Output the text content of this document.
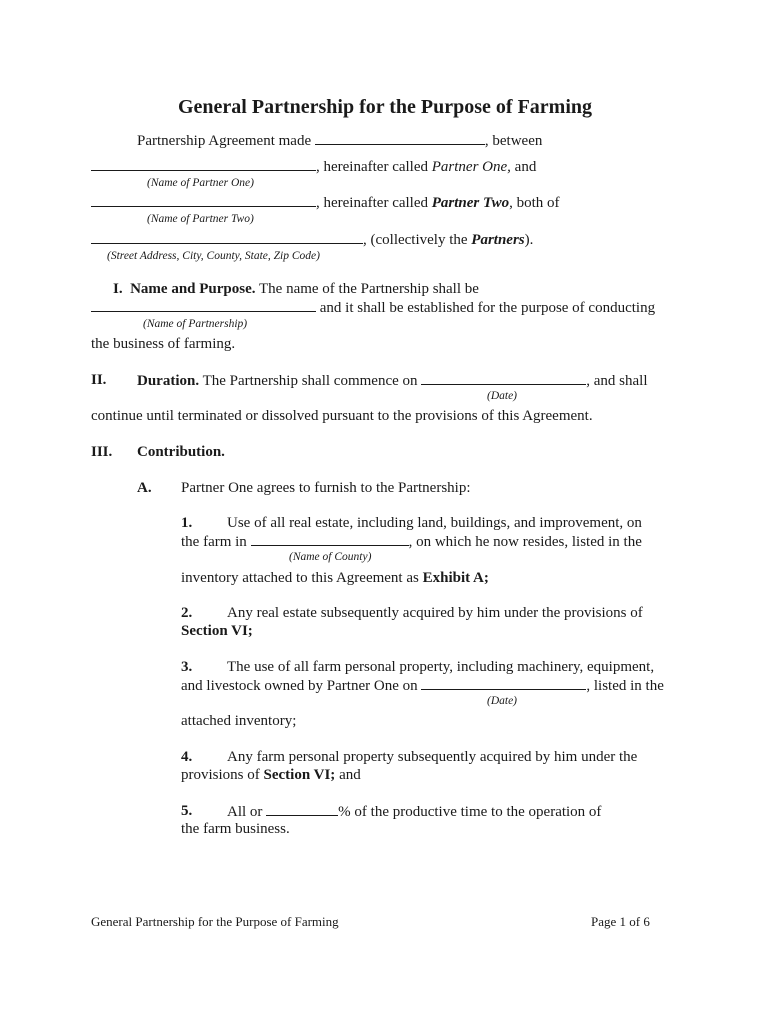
General Partnership for the Purpose of Farming
Partnership Agreement made	, between
, hereinafter called Partner One, and
(Name of Partner One)
, hereinafter called Partner Two, both of
(Name of Partner Two)
, (collectively the Partners).
(Street Address, City, County, State, Zip Code)
I. Name and Purpose. The name of the Partnership shall be
and it shall be established for the purpose of conducting
(Name of Partnership)
the business of farming.
II. Duration. The Partnership shall commence on	, and shall
(Date)
continue until terminated or dissolved pursuant to the provisions of this Agreement.
III. Contribution.
A. Partner One agrees to furnish to the Partnership:
1. Use of all real estate, including land, buildings, and improvement, on
the farm in	, on which he now resides, listed in the
(Name of County)
inventory attached to this Agreement as Exhibit A;
2. Any real estate subsequently acquired by him under the provisions of
Section VI;
3. The use of all farm personal property, including machinery, equipment,
and livestock owned by Partner One on	, listed in the
(Date)
attached inventory;
4. Any farm personal property subsequently acquired by him under the
provisions of Section VI; and
5. All or	% of the productive time to the operation of
the farm business.
General Partnership for the Purpose of Farming	Page 1 of 6
